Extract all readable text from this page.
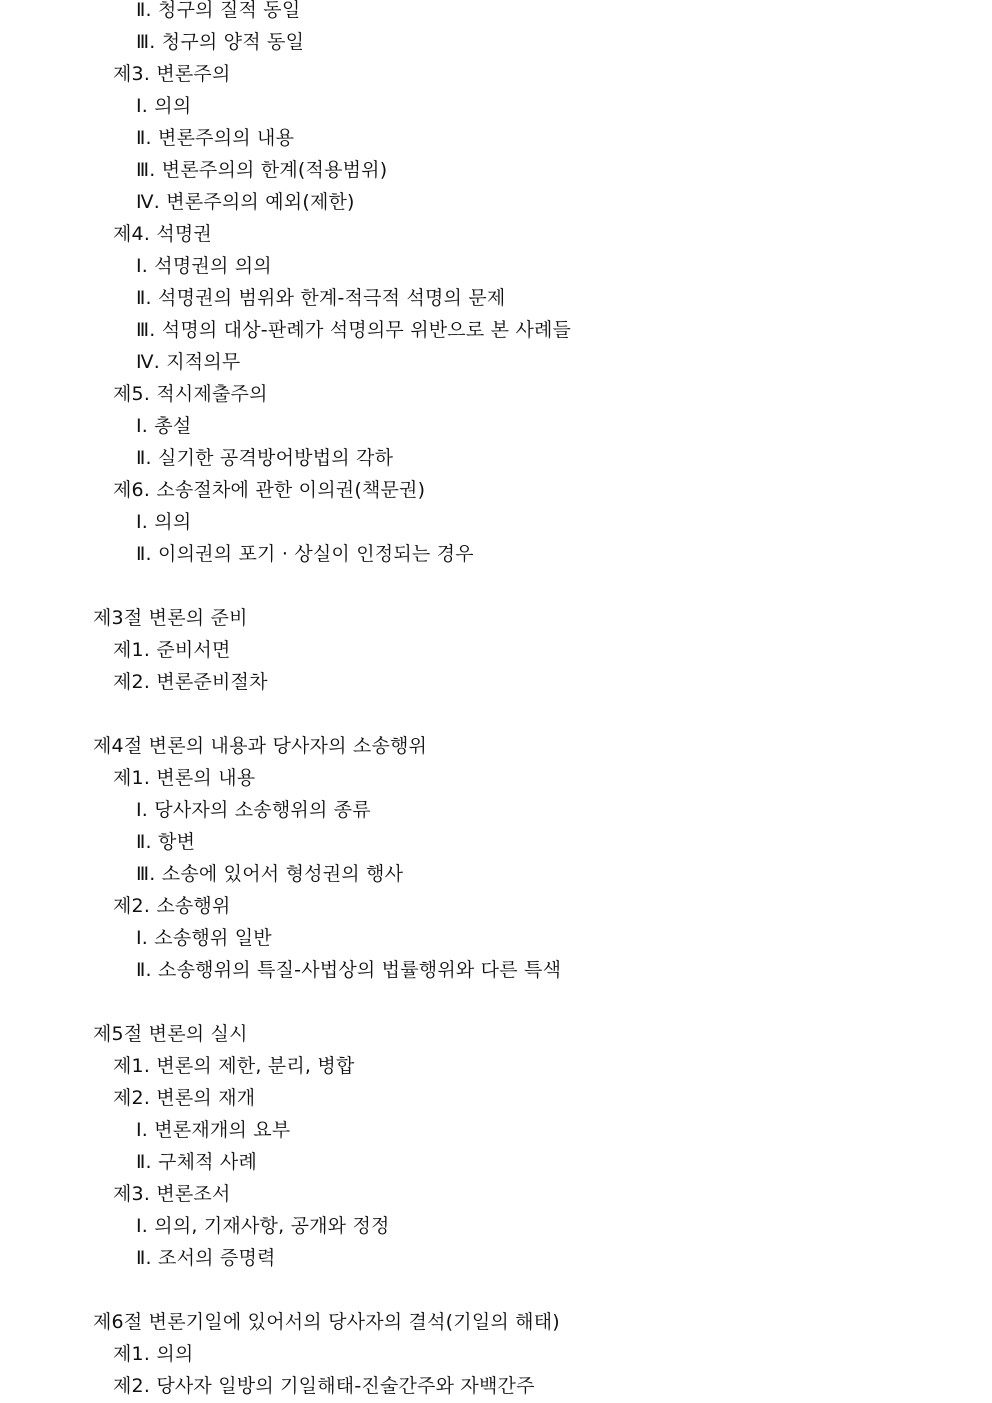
Ⅱ. 청구의 질적 동일
Ⅲ. 청구의 양적 동일
제3. 변론주의
Ⅰ. 의의
Ⅱ. 변론주의의 내용
Ⅲ. 변론주의의 한계(적용범위)
Ⅳ. 변론주의의 예외(제한)
제4. 석명권
Ⅰ. 석명권의 의의
Ⅱ. 석명권의 범위와 한계-적극적 석명의 문제
Ⅲ. 석명의 대상-판례가 석명의무 위반으로 본 사례들
Ⅳ. 지적의무
제5. 적시제출주의
Ⅰ. 총설
Ⅱ. 실기한 공격방어방법의 각하
제6. 소송절차에 관한 이의권(책문권)
Ⅰ. 의의
Ⅱ. 이의권의 포기 · 상실이 인정되는 경우
제3절 변론의 준비
제1. 준비서면
제2. 변론준비절차
제4절 변론의 내용과 당사자의 소송행위
제1. 변론의 내용
Ⅰ. 당사자의 소송행위의 종류
Ⅱ. 항변
Ⅲ. 소송에 있어서 형성권의 행사
제2. 소송행위
Ⅰ. 소송행위 일반
Ⅱ. 소송행위의 특질-사법상의 법률행위와 다른 특색
제5절 변론의 실시
제1. 변론의 제한, 분리, 병합
제2. 변론의 재개
Ⅰ. 변론재개의 요부
Ⅱ. 구체적 사례
제3. 변론조서
Ⅰ. 의의, 기재사항, 공개와 정정
Ⅱ. 조서의 증명력
제6절 변론기일에 있어서의 당사자의 결석(기일의 해태)
제1. 의의
제2. 당사자 일방의 기일해태-진술간주와 자백간주
